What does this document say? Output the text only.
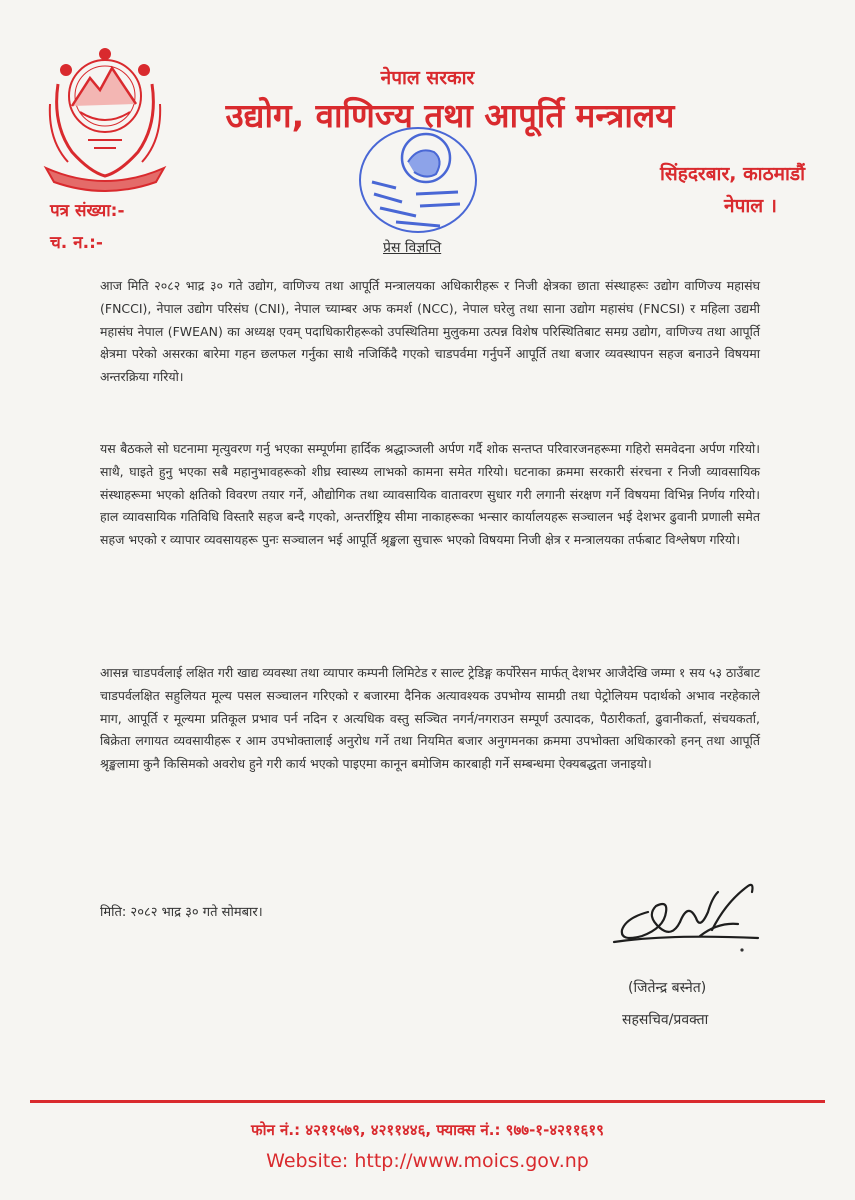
नेपाल सरकार
उद्योग, वाणिज्य तथा आपूर्ति मन्त्रालय
सिंहदरबार, काठमाडौं
नेपाल ।
पत्र संख्या:-
च. न.:-	प्रेस विज्ञप्ति

आज मिति २०८२ भाद्र ३० गते उद्योग, वाणिज्य तथा आपूर्ति मन्त्रालयका अधिकारीहरू र निजी क्षेत्रका छाता संस्थाहरूः उद्योग वाणिज्य महासंघ (FNCCI), नेपाल उद्योग परिसंघ (CNI), नेपाल च्याम्बर अफ कमर्श (NCC), नेपाल घरेलु तथा साना उद्योग महासंघ (FNCSI) र महिला उद्यमी महासंघ नेपाल (FWEAN) का अध्यक्ष एवम् पदाधिकारीहरूको उपस्थितिमा मुलुकमा उत्पन्न विशेष परिस्थितिबाट समग्र उद्योग, वाणिज्य तथा आपूर्ति क्षेत्रमा परेको असरका बारेमा गहन छलफल गर्नुका साथै नजिकिँदै गएको चाडपर्वमा गर्नुपर्ने आपूर्ति तथा बजार व्यवस्थापन सहज बनाउने विषयमा अन्तरक्रिया गरियो।

यस बैठकले सो घटनामा मृत्युवरण गर्नु भएका सम्पूर्णमा हार्दिक श्रद्धाञ्जली अर्पण गर्दै शोक सन्तप्त परिवारजनहरूमा गहिरो समवेदना अर्पण गरियो। साथै, घाइते हुनु भएका सबै महानुभावहरूको शीघ्र स्वास्थ्य लाभको कामना समेत गरियो। घटनाका क्रममा सरकारी संरचना र निजी व्यावसायिक संस्थाहरूमा भएको क्षतिको विवरण तयार गर्ने, औद्योगिक तथा व्यावसायिक वातावरण सुधार गरी लगानी संरक्षण गर्ने विषयमा विभिन्न निर्णय गरियो। हाल व्यावसायिक गतिविधि विस्तारै सहज बन्दै गएको, अन्तर्राष्ट्रिय सीमा नाकाहरूका भन्सार कार्यालयहरू सञ्चालन भई देशभर ढुवानी प्रणाली समेत सहज भएको र व्यापार व्यवसायहरू पुनः सञ्चालन भई आपूर्ति श्रृङ्खला सुचारू भएको विषयमा निजी क्षेत्र र मन्त्रालयका तर्फबाट विश्लेषण गरियो।

आसन्न चाडपर्वलाई लक्षित गरी खाद्य व्यवस्था तथा व्यापार कम्पनी लिमिटेड र साल्ट ट्रेडिङ्ग कर्पोरेसन मार्फत् देशभर आजैदेखि जम्मा १ सय ५३ ठाउँबाट चाडपर्वलक्षित सहुलियत मूल्य पसल सञ्चालन गरिएको र बजारमा दैनिक अत्यावश्यक उपभोग्य सामग्री तथा पेट्रोलियम पदार्थको अभाव नरहेकाले माग, आपूर्ति र मूल्यमा प्रतिकूल प्रभाव पर्न नदिन र अत्यधिक वस्तु सञ्चित नगर्न/नगराउन सम्पूर्ण उत्पादक, पैठारीकर्ता, ढुवानीकर्ता, संचयकर्ता, बिक्रेता लगायत व्यवसायीहरू र आम उपभोक्तालाई अनुरोध गर्ने तथा नियमित बजार अनुगमनका क्रममा उपभोक्ता अधिकारको हनन् तथा आपूर्ति श्रृङ्खलामा कुनै किसिमको अवरोध हुने गरी कार्य भएको पाइएमा कानून बमोजिम कारबाही गर्ने सम्बन्धमा ऐक्यबद्धता जनाइयो।

मिति: २०८२ भाद्र ३० गते सोमबार।
(जितेन्द्र बस्नेत)
सहसचिव/प्रवक्ता
फोन नं.: ४२११५७९, ४२११४४६, फ्याक्स नं.: ९७७-१-४२११६१९
Website: http://www.moics.gov.np
